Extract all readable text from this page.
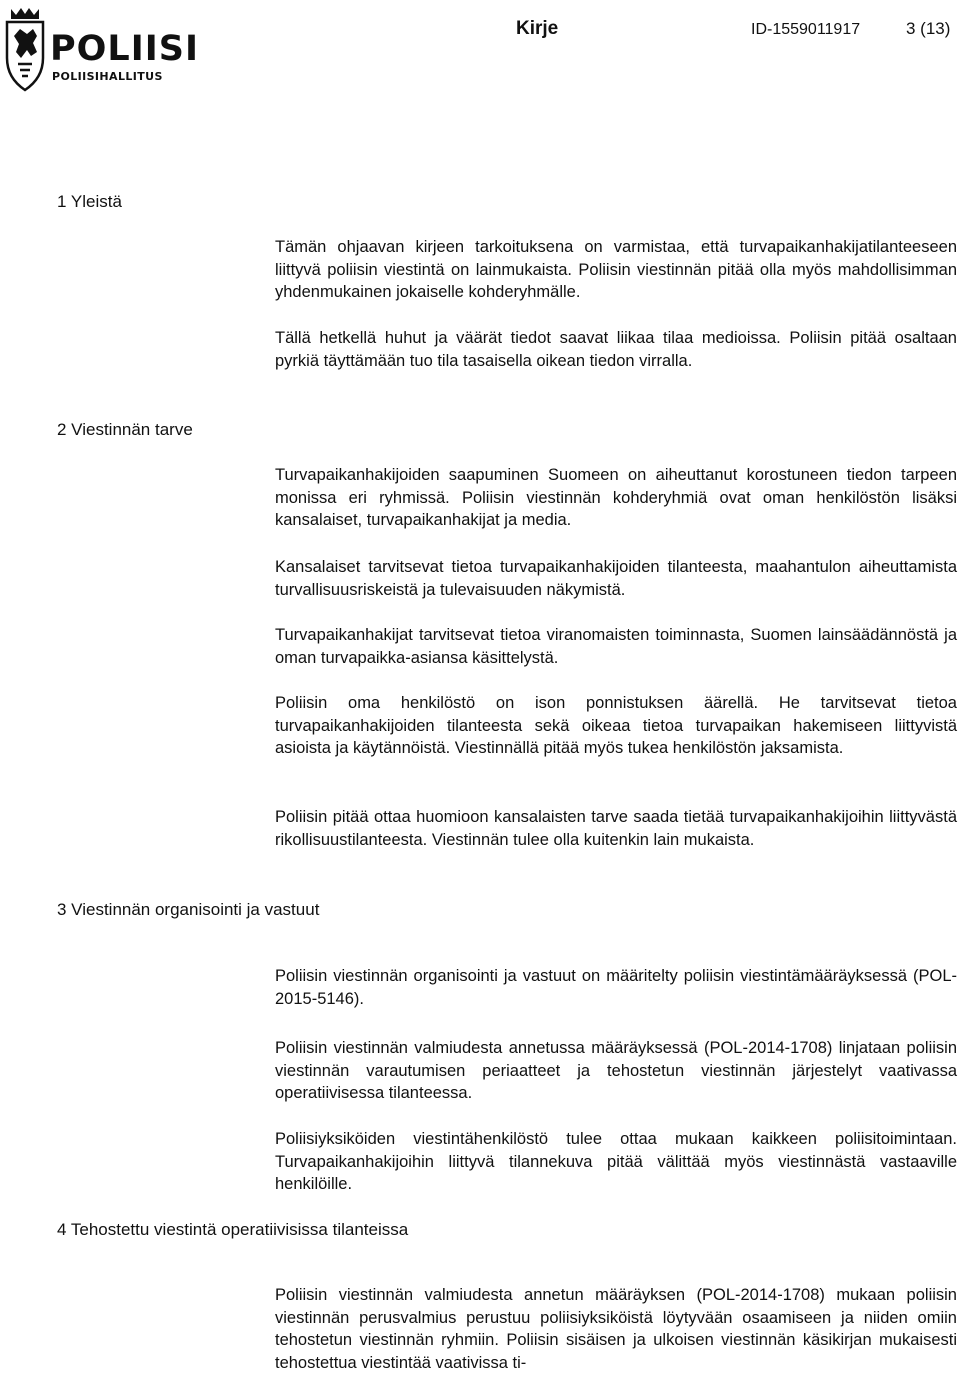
POLIISI
POLIISIHALLITUS
Kirje	ID-1559011917	3 (13)
1 Yleistä

Tämän ohjaavan kirjeen tarkoituksena on varmistaa, että turvapaikanhakijatilanteeseen liittyvä poliisin viestintä on lainmukaista. Poliisin viestinnän pitää olla myös mahdollisimman yhdenmukainen jokaiselle kohderyhmälle.

Tällä hetkellä huhut ja väärät tiedot saavat liikaa tilaa medioissa. Poliisin pitää osaltaan pyrkiä täyttämään tuo tila tasaisella oikean tiedon virralla.

2 Viestinnän tarve

Turvapaikanhakijoiden saapuminen Suomeen on aiheuttanut korostuneen tiedon tarpeen monissa eri ryhmissä. Poliisin viestinnän kohderyhmiä ovat oman henkilöstön lisäksi kansalaiset, turvapaikanhakijat ja media.

Kansalaiset tarvitsevat tietoa turvapaikanhakijoiden tilanteesta, maahantulon aiheuttamista turvallisuusriskeistä ja tulevaisuuden näkymistä.

Turvapaikanhakijat tarvitsevat tietoa viranomaisten toiminnasta, Suomen lainsäädännöstä ja oman turvapaikka-asiansa käsittelystä.

Poliisin oma henkilöstö on ison ponnistuksen äärellä. He tarvitsevat tietoa turvapaikanhakijoiden tilanteesta sekä oikeaa tietoa turvapaikan hakemiseen liittyvistä asioista ja käytännöistä. Viestinnällä pitää myös tukea henkilöstön jaksamista.

Poliisin pitää ottaa huomioon kansalaisten tarve saada tietää turvapaikanhakijoihin liittyvästä rikollisuustilanteesta. Viestinnän tulee olla kuitenkin lain mukaista.

3 Viestinnän organisointi ja vastuut

Poliisin viestinnän organisointi ja vastuut on määritelty poliisin viestintämääräyksessä (POL-2015-5146).

Poliisin viestinnän valmiudesta annetussa määräyksessä (POL-2014-1708) linjataan poliisin viestinnän varautumisen periaatteet ja tehostetun viestinnän järjestelyt vaativassa operatiivisessa tilanteessa.

Poliisiyksiköiden viestintähenkilöstö tulee ottaa mukaan kaikkeen poliisitoimintaan. Turvapaikanhakijoihin liittyvä tilannekuva pitää välittää myös viestinnästä vastaaville henkilöille.

4 Tehostettu viestintä operatiivisissa tilanteissa

Poliisin viestinnän valmiudesta annetun määräyksen (POL-2014-1708) mukaan poliisin viestinnän perusvalmius perustuu poliisiyksiköistä löytyvään osaamiseen ja niiden omiin tehostetun viestinnän ryhmiin. Poliisin sisäisen ja ulkoisen viestinnän käsikirjan mukaisesti tehostettua viestintää vaativissa ti-
